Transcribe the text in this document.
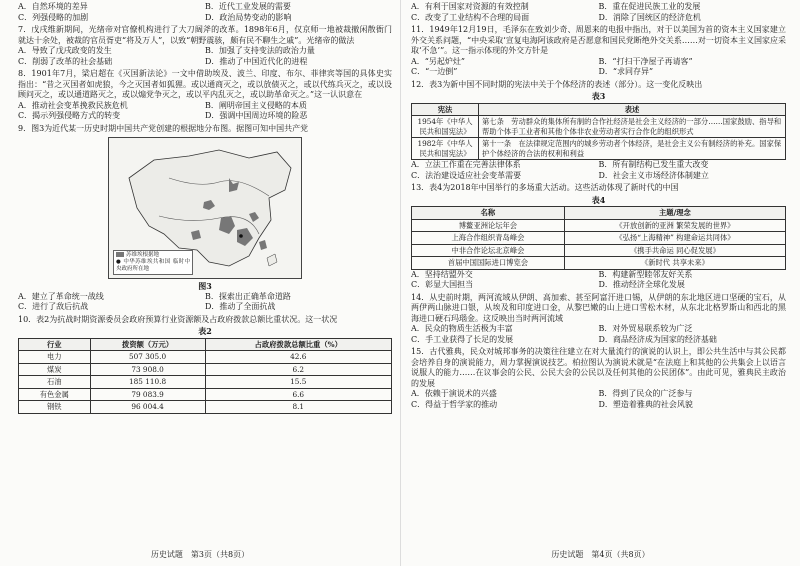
A．自然环境的差异	B．近代工业发展的需要
C．列强侵略的加剧	D．政治局势变动的影响
7．戊戌维新期间，光绪帝对官僚机构进行了大刀阔斧的改革。1898年6月，仅京师一地被裁撤闲散衙门就达十余处，被裁的官员胥吏“将及万人”，以致“朝野震骇，颇有民不聊生之戚”。光绪帝的做法
A．导致了戊戌政变的发生	B．加强了支持变法的政治力量
C．削弱了改革的社会基础	D．推动了中国近代化的进程
8．1901年7月，梁启超在《灭国新法论》一文中借助埃及、波兰、印度、布尔、菲律宾等国的具体史实指出：“昔之灭国者如虎狼，今之灭国者如狐狸。或以通商灭之，或以放债灭之，或以代练兵灭之，或以设顾问灭之，或以通道路灭之，或以煽党争灭之，或以平内乱灭之，或以助革命灭之。”这一认识意在
A．推动社会变革挽救民族危机	B．阐明帝国主义侵略的本质
C．揭示列强侵略方式的转变	D．强调中国周边环境的险恶
9．图3为近代某一历史时期中国共产党创建的根据地分布图。据图可知中国共产党
苏维埃根据地
● 中华苏维埃共和国 临时中央政府所在地
图3
A．建立了革命统一战线	B．探索出正确革命道路
C．进行了敌后抗战	D．推动了全面抗战
10．表2为抗战时期资源委员会政府预算行业资源额及占政府拨款总额比重状况。这一状况
表2
行业	拨资额（万元）	占政府拨款总额比重（%）
电力	507 305.0	42.6
煤炭	73 908.0	6.2
石油	185 110.8	15.5
有色金属	79 083.9	6.6
钢铁	96 004.4	8.1
历史试题　第3页（共8页）
A．有利于国家对资源的有效控制	B．重在促进民族工业的发展
C．改变了工业结构不合理的局面	D．消除了国统区的经济危机
11．1949年12月19日，毛泽东在致刘少奇、周恩来的电报中指出，对于以美国为首的资本主义国家建立外交关系问题，“中央采取‘宣复电海阿该政府是否愿意和国民党断绝外交关系……对一切资本主义国家应采取‘不急’”。这一指示体现的外交方针是
A．“另起炉灶”	B．“打扫干净屋子再请客”
C．“一边倒”	D．“求同存异”
12．表3为新中国不同时期的宪法中关于个体经济的表述（部分）。这一变化反映出
表3
宪法	表述
1954年《中华人民共和国宪法》	第七条　劳动群众的集体所有制的合作社经济是社会主义经济的一部分……国家鼓励、指导和帮助个体手工业者和其他个体非农业劳动者实行合作化的组织形式
1982年《中华人民共和国宪法》	第十一条　在法律规定范围内的城乡劳动者个体经济，是社会主义公有制经济的补充。国家保护个体经济的合法的权利和利益
A．立法工作重在完善法律体系	B．所有制结构已发生重大改变
C．法治建设适应社会变革需要	D．社会主义市场经济体制建立
13．表4为2018年中国举行的多场重大活动。这些活动体现了新时代的中国
表4
名称	主题/理念
博鳌亚洲论坛年会	《开放创新的亚洲 繁荣发展的世界》
上海合作组织青岛峰会	《弘扬“上海精神” 构建命运共同体》
中非合作论坛北京峰会	《携手共命运 同心促发展》
首届中国国际进口博览会	《新时代 共享未来》
A．坚持结盟外交	B．构建新型睦邻友好关系
C．彰显大国担当	D．推动经济全球化发展
14．从史前时期，两河流域从伊朗、高加索、甚至阿富汗进口锡，从伊朗的东北地区进口坚硬的宝石，从两伊两山脉进口银，从埃及和印度进口金，从黎巴嫩的山上进口雪松木材，从东北北格罗斯山和西北的黑海进口硬石玛瑙金。这反映出当时两河流域
A．民众的物质生活极为丰富	B．对外贸易联系较为广泛
C．手工业获得了长足的发展	D．商品经济成为国家的经济基础
15．古代雅典，民众对城邦事务的决策往往建立在对大量流行的演说的认识上，即公共生活中与其公民都会培养自身的演说能力，周力掌握演说技艺。柏拉图认为演说术就是“在法庭上和其他的公共集会上以语言说服人的能力……在议事会的公民、公民大会的公民以及任何其他的公民团体”。由此可见，雅典民主政治的发展
A．依赖于演说术的兴盛	B．得到了民众的广泛参与
C．得益于哲学家的推动	D．塑造着雅典的社会风貌
历史试题　第4页（共8页）
